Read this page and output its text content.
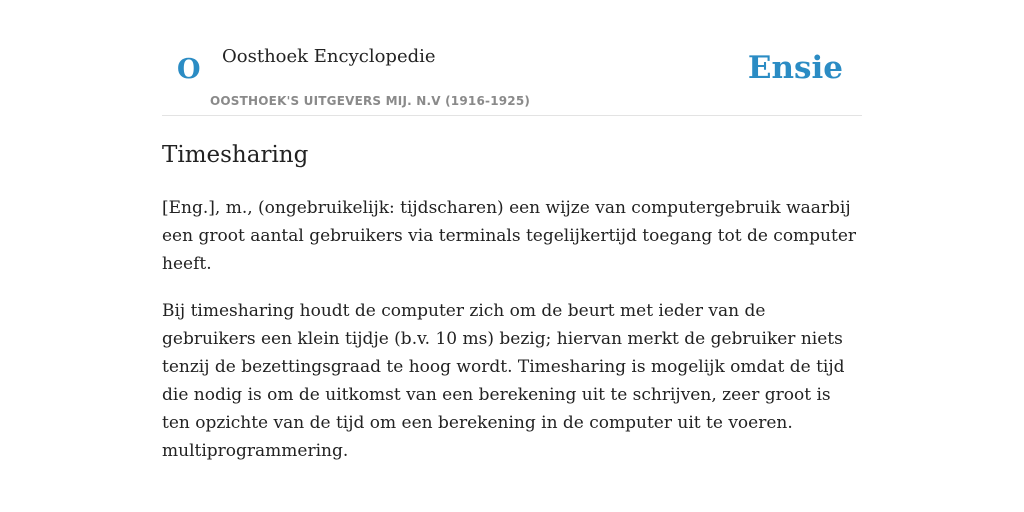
O Oosthoek Encyclopedie
OOSTHOEK'S UITGEVERS MIJ. N.V (1916-1925)
Ensie
Timesharing

[Eng.], m., (ongebruikelijk: tijdscharen) een wijze van computergebruik waarbij een groot aantal gebruikers via terminals tegelijkertijd toegang tot de computer heeft.

Bij timesharing houdt de computer zich om de beurt met ieder van de gebruikers een klein tijdje (b.v. 10 ms) bezig; hiervan merkt de gebruiker niets tenzij de bezettingsgraad te hoog wordt. Timesharing is mogelijk omdat de tijd die nodig is om de uitkomst van een berekening uit te schrijven, zeer groot is ten opzichte van de tijd om een berekening in de computer uit te voeren. multiprogrammering.
